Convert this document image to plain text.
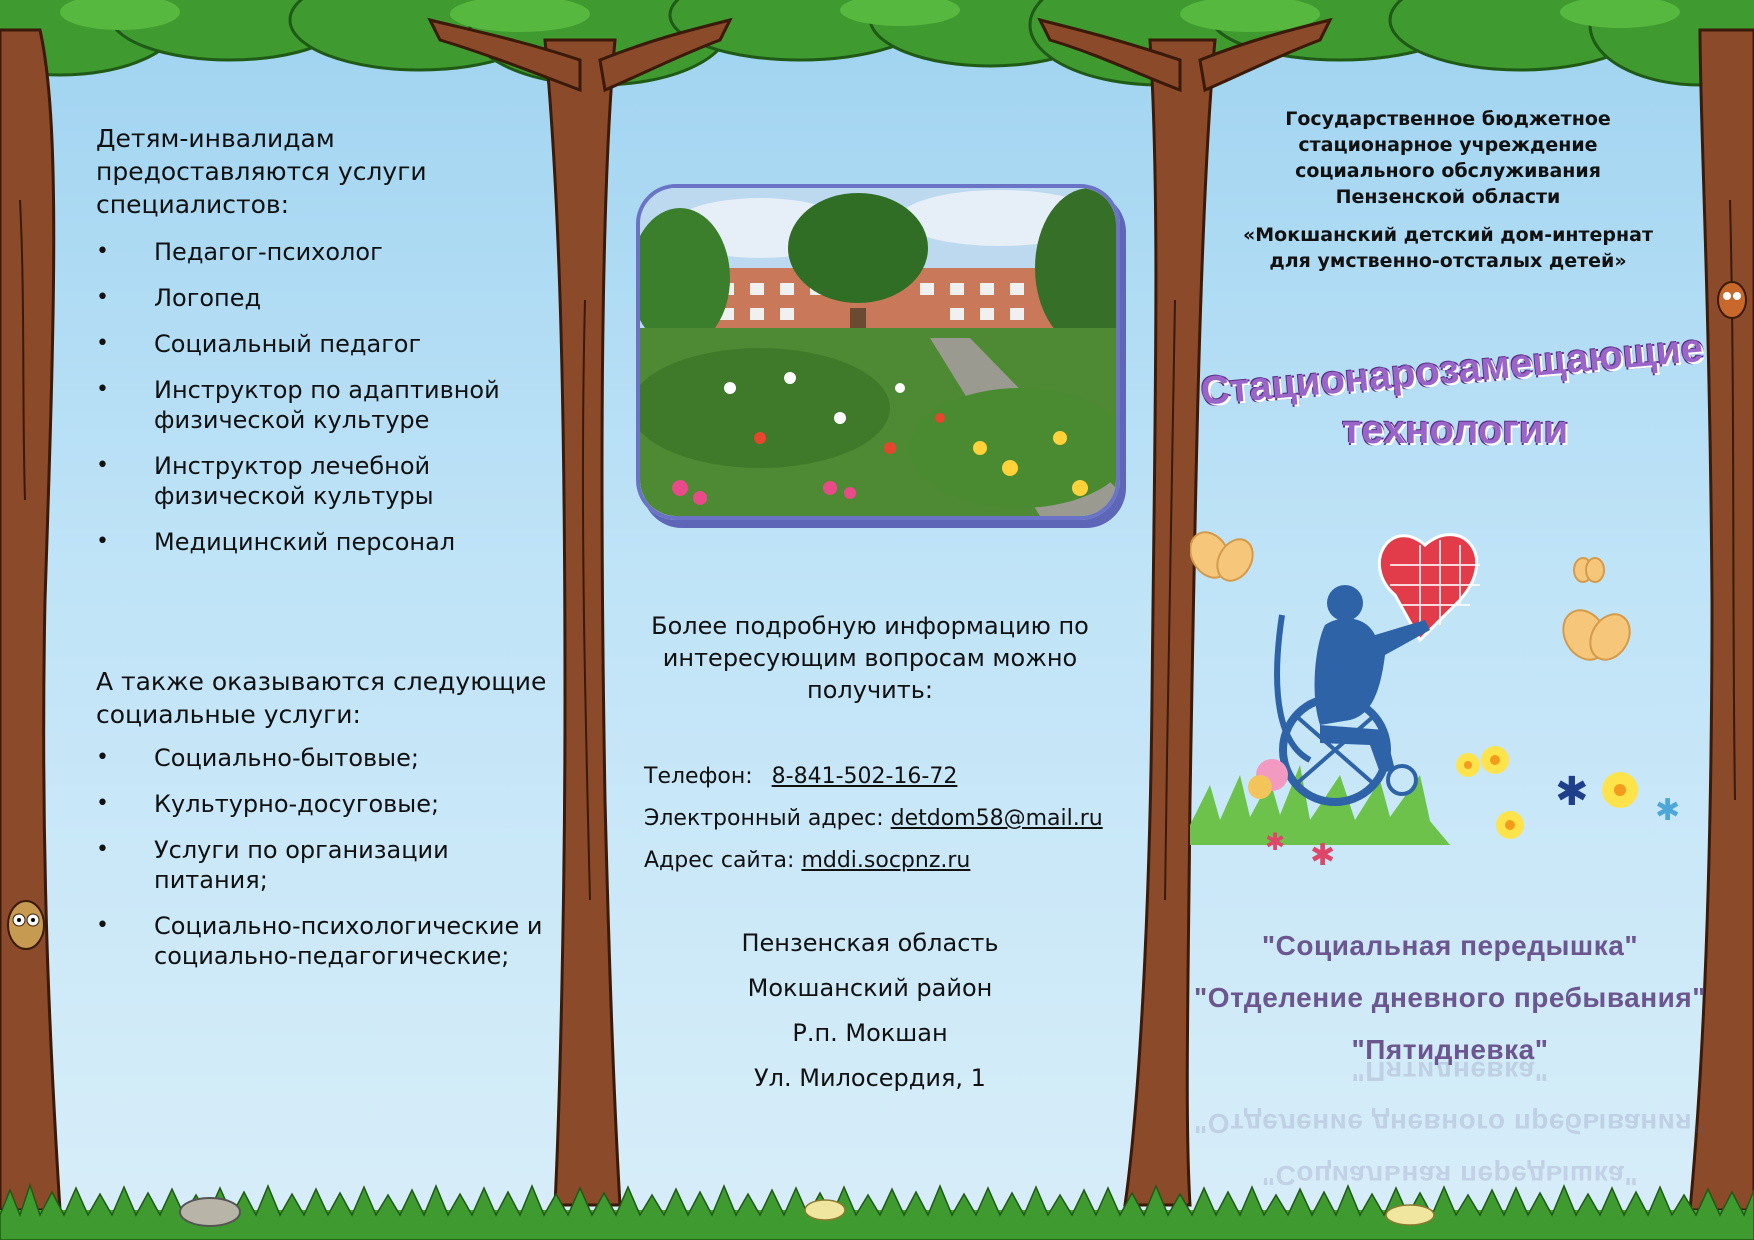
Детям-инвалидам предоставляются услуги специалистов:

• Педагог-психолог
• Логопед
• Социальный педагог
• Инструктор по адаптивной физической культуре
• Инструктор лечебной физической культуры
• Медицинский персонал

А также оказываются следующие социальные услуги:

• Социально-бытовые;
• Культурно-досуговые;
• Услуги по организации питания;
• Социально-психологические и социально-педагогические;

Более подробную информацию по интересующим вопросам можно получить:

Телефон: 8-841-502-16-72
Электронный адрес: detdom58@mail.ru
Адрес сайта: mddi.socpnz.ru
Пензенская область
Мокшанский район
Р.п. Мокшан
Ул. Милосердия, 1

Государственное бюджетное стационарное учреждение социального обслуживания Пензенской области

«Мокшанский детский дом-интернат для умственно-отсталых детей»

Стационарозамещающие
технологии
✱ ✱
✱
✱
"Социальная передышка"
"Отделение дневного пребывания"
"Пятидневка"
"Социальная передышка"
"Отделение дневного пребывания"
"Пятидневка"
